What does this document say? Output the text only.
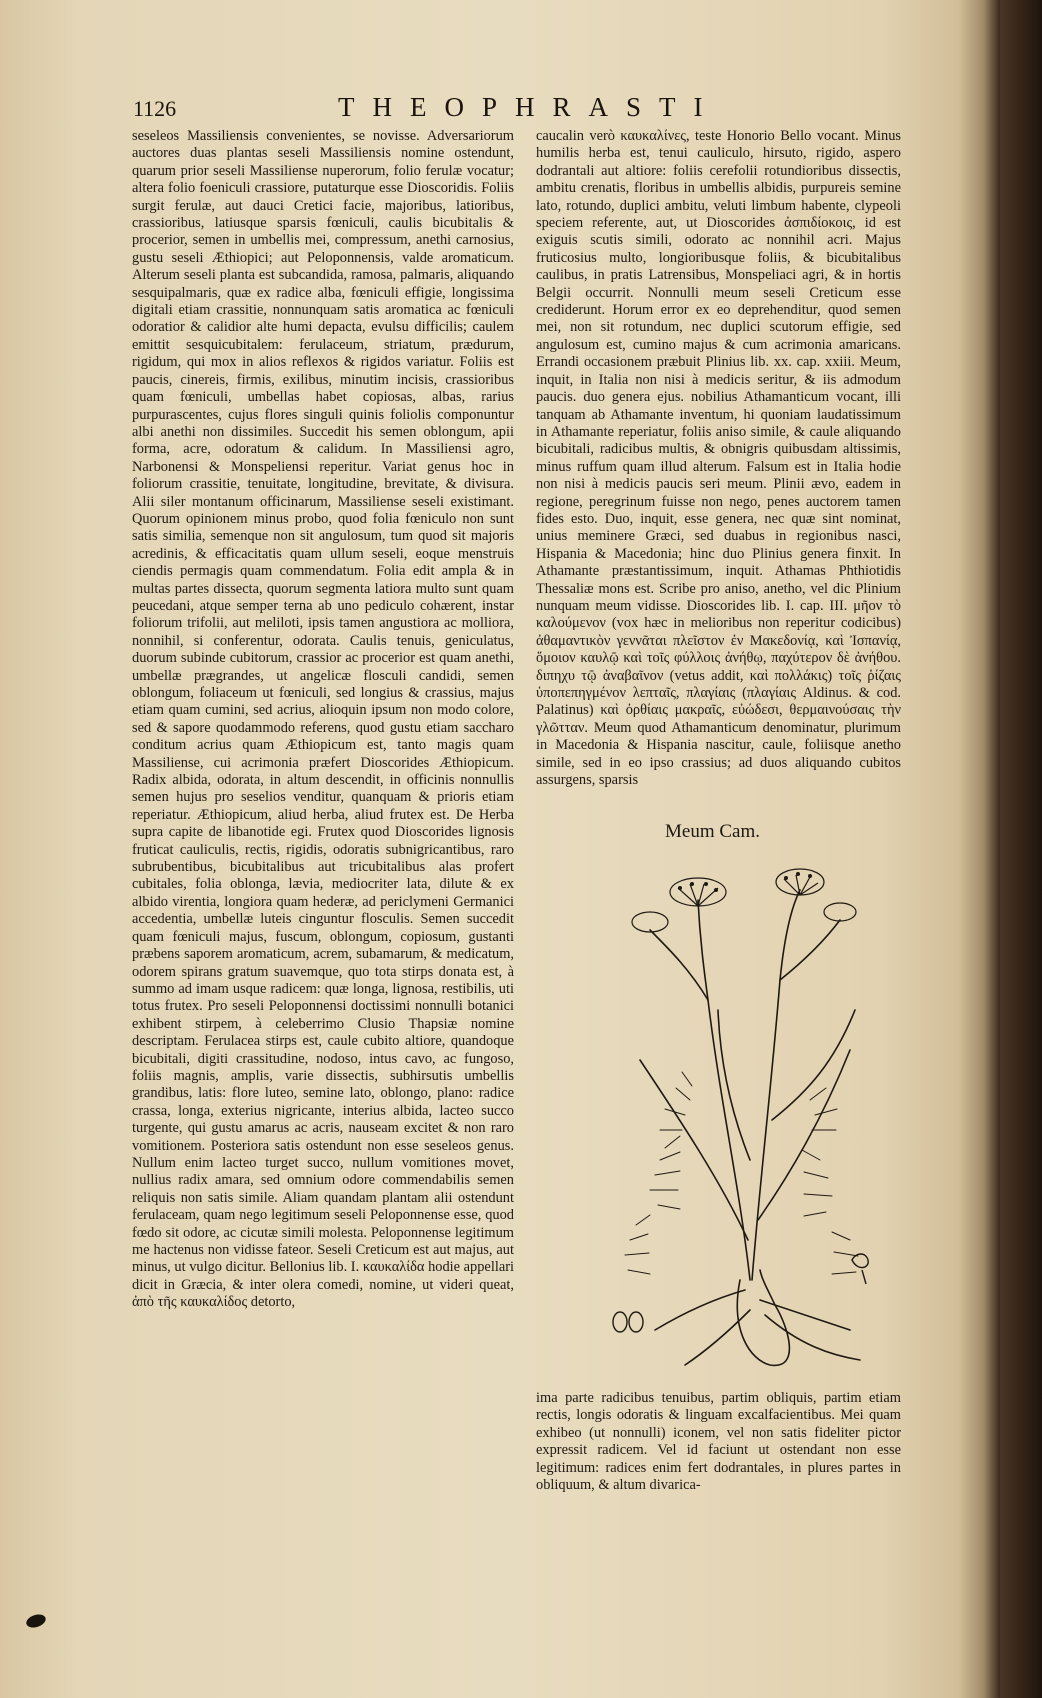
1126	THEOPHRASTI

seseleos Massiliensis convenientes, se novisse. Adversariorum auctores duas plantas seseli Massiliensis nomine ostendunt, quarum prior seseli Massiliense nuperorum, folio ferulæ vocatur; altera folio foeniculi crassiore, putaturque esse Dioscoridis. Foliis surgit ferulæ, aut dauci Cretici facie, majoribus, latioribus, crassioribus, latiusque sparsis fœniculi, caulis bicubitalis & procerior, semen in umbellis mei, compressum, anethi carnosius, gustu seseli Æthiopici; aut Peloponnensis, valde aromaticum. Alterum seseli planta est subcandida, ramosa, palmaris, aliquando sesquipalmaris, quæ ex radice alba, fœniculi effigie, longissima digitali etiam crassitie, nonnunquam satis aromatica ac fœniculi odoratior & calidior alte humi depacta, evulsu difficilis; caulem emittit sesquicubitalem: ferulaceum, striatum, prædurum, rigidum, qui mox in alios reflexos & rigidos variatur. Foliis est paucis, cinereis, firmis, exilibus, minutim incisis, crassioribus quam fœniculi, umbellas habet copiosas, albas, rarius purpurascentes, cujus flores singuli quinis foliolis componuntur albi anethi non dissimiles. Succedit his semen oblongum, apii forma, acre, odoratum & calidum. In Massiliensi agro, Narbonensi & Monspeliensi reperitur. Variat genus hoc in foliorum crassitie, tenuitate, longitudine, brevitate, & divisura. Alii siler montanum officinarum, Massiliense seseli existimant. Quorum opinionem minus probo, quod folia fœniculo non sunt satis similia, semenque non sit angulosum, tum quod sit majoris acredinis, & efficacitatis quam ullum seseli, eoque menstruis ciendis permagis quam commendatum. Folia edit ampla & in multas partes dissecta, quorum segmenta latiora multo sunt quam peucedani, atque semper terna ab uno pediculo cohærent, instar foliorum trifolii, aut meliloti, ipsis tamen angustiora ac molliora, nonnihil, si conferentur, odorata. Caulis tenuis, geniculatus, duorum subinde cubitorum, crassior ac procerior est quam anethi, umbellæ prægrandes, ut angelicæ flosculi candidi, semen oblongum, foliaceum ut fœniculi, sed longius & crassius, majus etiam quam cumini, sed acrius, alioquin ipsum non modo colore, sed & sapore quodammodo referens, quod gustu etiam saccharo conditum acrius quam Æthiopicum est, tanto magis quam Massiliense, cui acrimonia præfert Dioscorides Æthiopicum. Radix albida, odorata, in altum descendit, in officinis nonnullis semen hujus pro seselios venditur, quanquam & prioris etiam reperiatur. Æthiopicum, aliud herba, aliud frutex est. De Herba supra capite de libanotide egi. Frutex quod Dioscorides lignosis fruticat cauliculis, rectis, rigidis, odoratis subnigricantibus, raro subrubentibus, bicubitalibus aut tricubitalibus alas profert cubitales, folia oblonga, lævia, mediocriter lata, dilute & ex albido virentia, longiora quam hederæ, ad periclymeni Germanici accedentia, umbellæ luteis cinguntur flosculis. Semen succedit quam fœniculi majus, fuscum, oblongum, copiosum, gustanti præbens saporem aromaticum, acrem, subamarum, & medicatum, odorem spirans gratum suavemque, quo tota stirps donata est, à summo ad imam usque radicem: quæ longa, lignosa, restibilis, uti totus frutex. Pro seseli Peloponnensi doctissimi nonnulli botanici exhibent stirpem, à celeberrimo Clusio Thapsiæ nomine descriptam. Ferulacea stirps est, caule cubito altiore, quandoque bicubitali, digiti crassitudine, nodoso, intus cavo, ac fungoso, foliis magnis, amplis, varie dissectis, subhirsutis umbellis grandibus, latis: flore luteo, semine lato, oblongo, plano: radice crassa, longa, exterius nigricante, interius albida, lacteo succo turgente, qui gustu amarus ac acris, nauseam excitet & non raro vomitionem. Posteriora satis ostendunt non esse seseleos genus. Nullum enim lacteo turget succo, nullum vomitiones movet, nullius radix amara, sed omnium odore commendabilis semen reliquis non satis simile. Aliam quandam plantam alii ostendunt ferulaceam, quam nego legitimum seseli Peloponnense esse, quod fœdo sit odore, ac cicutæ simili molesta. Peloponnense legitimum me hactenus non vidisse fateor. Seseli Creticum est aut majus, aut minus, ut vulgo dicitur. Bellonius lib. I. καυκαλίδα hodie appellari dicit in Græcia, & inter olera comedi, nomine, ut videri queat, ἀπὸ τῆς καυκαλίδος detorto,

caucalin verò καυκαλίνες, teste Honorio Bello vocant. Minus humilis herba est, tenui cauliculo, hirsuto, rigido, aspero dodrantali aut altiore: foliis cerefolii rotundioribus dissectis, ambitu crenatis, floribus in umbellis albidis, purpureis semine lato, rotundo, duplici ambitu, veluti limbum habente, clypeoli speciem referente, aut, ut Dioscorides ἀσπιδίοκοις, id est exiguis scutis simili, odorato ac nonnihil acri. Majus fruticosius multo, longioribusque foliis, & bicubitalibus caulibus, in pratis Latrensibus, Monspeliaci agri, & in hortis Belgii occurrit. Nonnulli meum seseli Creticum esse crediderunt. Horum error ex eo deprehenditur, quod semen mei, non sit rotundum, nec duplici scutorum effigie, sed angulosum est, cumino majus & cum acrimonia amaricans. Errandi occasionem præbuit Plinius lib. xx. cap. xxiii. Meum, inquit, in Italia non nisi à medicis seritur, & iis admodum paucis. duo genera ejus. nobilius Athamanticum vocant, illi tanquam ab Athamante inventum, hi quoniam laudatissimum in Athamante reperiatur, foliis aniso simile, & caule aliquando bicubitali, radicibus multis, & obnigris quibusdam altissimis, minus ruffum quam illud alterum. Falsum est in Italia hodie non nisi à medicis paucis seri meum. Plinii ævo, eadem in regione, peregrinum fuisse non nego, penes auctorem tamen fides esto. Duo, inquit, esse genera, nec quæ sint nominat, unius meminere Græci, sed duabus in regionibus nasci, Hispania & Macedonia; hinc duo Plinius genera finxit. In Athamante præstantissimum, inquit. Athamas Phthiotidis Thessaliæ mons est. Scribe pro aniso, anetho, vel dic Plinium nunquam meum vidisse. Dioscorides lib. I. cap. III. μῆον τὸ καλούμενον (vox hæc in melioribus non reperitur codicibus) ἀθαμαντικὸν γεννᾶται πλεῖστον ἐν Μακεδονίᾳ, καὶ Ἰσπανίᾳ, ὅμοιον καυλῷ καὶ τοῖς φύλλοις ἀνήθῳ, παχύτερον δὲ ἀνήθου. διπηχυ τῷ ἀναβαῖνον (vetus addit, καὶ πολλάκις) τοῖς ῥίζαις ὑποπεπηγμένον λεπταῖς, πλαγίαις (πλαγίαις Aldinus. & cod. Palatinus) καὶ ὀρθίαις μακραῖς, εὐώδεσι, θερμαινούσαις τὴν γλῶτταν. Meum quod Athamanticum denominatur, plurimum in Macedonia & Hispania nascitur, caule, foliisque anetho simile, sed in eo ipso crassius; ad duos aliquando cubitos assurgens, sparsis

Meum Cam.

ima parte radicibus tenuibus, partim obliquis, partim etiam rectis, longis odoratis & linguam excalfacientibus. Mei quam exhibeo (ut nonnulli) iconem, vel non satis fideliter pictor expressit radicem. Vel id faciunt ut ostendant non esse legitimum: radices enim fert dodrantales, in plures partes in obliquum, & altum divarica-
